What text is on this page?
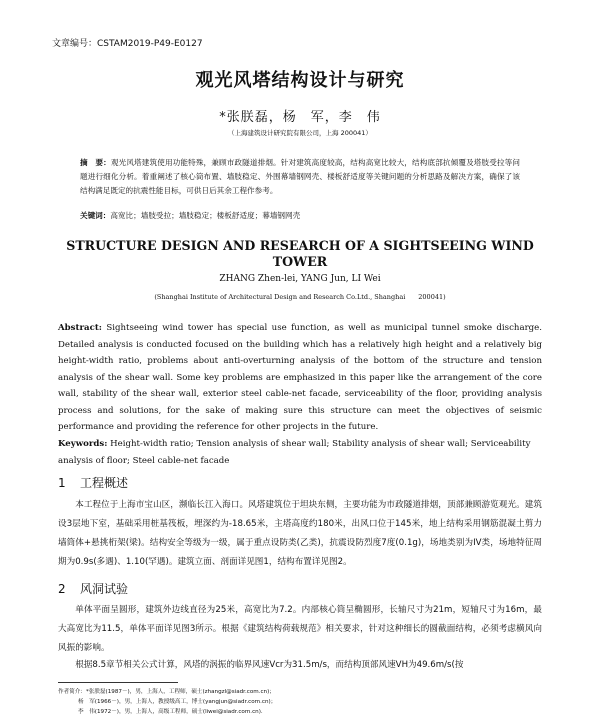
文章编号：CSTAM2019-P49-E0127
观光风塔结构设计与研究
*张朕磊，杨　军，李　伟
（上海建筑设计研究院有限公司，上海 200041）
摘　要：观光风塔建筑使用功能特殊，兼顾市政隧道排烟。针对建筑高度较高，结构高宽比较大，结构底部抗倾覆及塔肢受拉等问题进行细化分析。着重阐述了核心筒布置、墙肢稳定、外围幕墙钢网壳、楼板舒适度等关键问题的分析思路及解决方案，确保了该结构满足既定的抗震性能目标，可供日后其余工程作参考。
关键词：高宽比；墙肢受拉；墙肢稳定；楼板舒适度；幕墙钢网壳
STRUCTURE DESIGN AND RESEARCH OF A SIGHTSEEING WIND TOWER
ZHANG Zhen-lei, YANG Jun, LI Wei
(Shanghai Institute of Architectural Design and Research Co.Ltd., Shanghai　　200041)
Abstract: Sightseeing wind tower has special use function, as well as municipal tunnel smoke discharge. Detailed analysis is conducted focused on the building which has a relatively high height and a relatively big height-width ratio, problems about anti-overturning analysis of the bottom of the structure and tension analysis of the shear wall. Some key problems are emphasized in this paper like the arrangement of the core wall, stability of the shear wall, exterior steel cable-net facade, serviceability of the floor, providing analysis process and solutions, for the sake of making sure this structure can meet the objectives of seismic performance and providing the reference for other projects in the future.
Keywords: Height-width ratio; Tension analysis of shear wall; Stability analysis of shear wall; Serviceability analysis of floor; Steel cable-net facade
1 工程概述
本工程位于上海市宝山区，濒临长江入海口。风塔建筑位于坦块东侧，主要功能为市政隧道排烟，顶部兼顾游览观光。建筑设3层地下室，基础采用桩基筏板，埋深约为-18.65米，主塔高度约180米，出风口位于145米，地上结构采用钢筋混凝土剪力墙筒体+悬挑桁架(梁)。结构安全等级为一级，属于重点设防类(乙类)，抗震设防烈度7度(0.1g)，场地类别为IV类，场地特征周期为0.9s(多遇)、1.10(罕遇)。建筑立面、剖面详见图1，结构布置详见图2。
2 风洞试验
单体平面呈圆形，建筑外边线直径为25米，高宽比为7.2。内部核心筒呈椭圆形，长轴尺寸为21m，短轴尺寸为16m，最大高宽比为11.5，单体平面详见图3所示。根据《建筑结构荷载规范》相关要求，针对这种细长的圆截面结构，必须考虑横风向风振的影响。
根据8.5章节相关公式计算，风塔的涡振的临界风速Vcr为31.5m/s，而结构顶部风速VH为49.6m/s(按
作者简介：*张朕磊(1987－)，男，上海人，工程师，硕士(zhangzl@siadr.com.cn)；
杨　军(1966－)，男，上海人，教授级高工，博士(yangjun@siadr.com.cn)；
李　伟(1972－)，男，上海人，高级工程师，硕士(liwei@siadr.com.cn).
